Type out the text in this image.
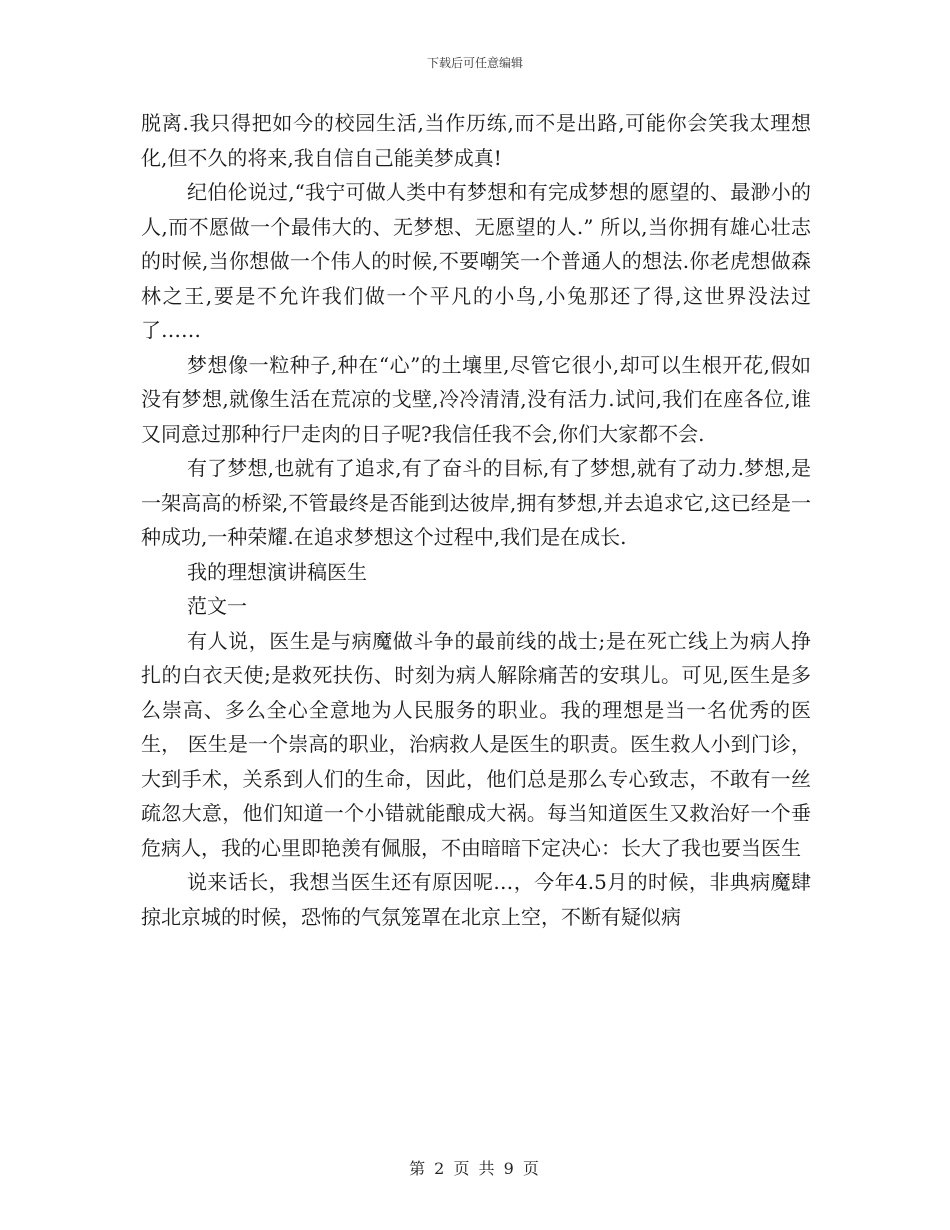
下载后可任意编辑

脱离.我只得把如今的校园生活,当作历练,而不是出路,可能你会笑我太理想化,但不久的将来,我自信自己能美梦成真!

纪伯伦说过,“我宁可做人类中有梦想和有完成梦想的愿望的、最渺小的人,而不愿做一个最伟大的、无梦想、无愿望的人.” 所以,当你拥有雄心壮志的时候,当你想做一个伟人的时候,不要嘲笑一个普通人的想法.你老虎想做森林之王,要是不允许我们做一个平凡的小鸟,小兔那还了得,这世界没法过了……

梦想像一粒种子,种在“心”的土壤里,尽管它很小,却可以生根开花,假如没有梦想,就像生活在荒凉的戈壁,冷冷清清,没有活力.试问,我们在座各位,谁又同意过那种行尸走肉的日子呢?我信任我不会,你们大家都不会.

有了梦想,也就有了追求,有了奋斗的目标,有了梦想,就有了动力.梦想,是一架高高的桥梁,不管最终是否能到达彼岸,拥有梦想,并去追求它,这已经是一种成功,一种荣耀.在追求梦想这个过程中,我们是在成长.

我的理想演讲稿医生

范文一

有人说，医生是与病魔做斗争的最前线的战士;是在死亡线上为病人挣扎的白衣天使;是救死扶伤、时刻为病人解除痛苦的安琪儿。可见,医生是多么崇高、多么全心全意地为人民服务的职业。我的理想是当一名优秀的医生， 医生是一个崇高的职业，治病救人是医生的职责。医生救人小到门诊，大到手术，关系到人们的生命，因此，他们总是那么专心致志，不敢有一丝疏忽大意，他们知道一个小错就能酿成大祸。每当知道医生又救治好一个垂危病人，我的心里即艳羡有佩服，不由暗暗下定决心：长大了我也要当医生

说来话长，我想当医生还有原因呢…，今年4.5月的时候，非典病魔肆掠北京城的时候，恐怖的气氛笼罩在北京上空，不断有疑似病

第 2 页 共 9 页
